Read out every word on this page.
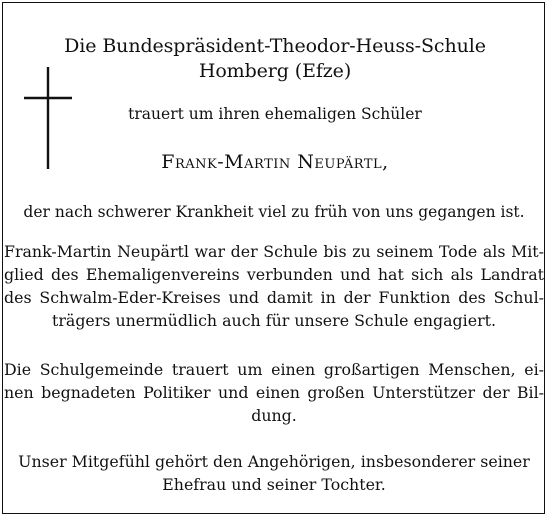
Die Bundespräsident-Theodor-Heuss-Schule

Homberg (Efze)

trauert um ihren ehemaligen Schüler

Frank-Martin Neupärtl,

der nach schwerer Krankheit viel zu früh von uns gegangen ist.

Frank-Martin Neupärtl war der Schule bis zu seinem Tode als Mit-
glied des Ehemaligenvereins verbunden und hat sich als Landrat
des Schwalm-Eder-Kreises und damit in der Funktion des Schul-
trägers unermüdlich auch für unsere Schule engagiert.
Die Schulgemeinde trauert um einen großartigen Menschen, ei-
nen begnadeten Politiker und einen großen Unterstützer der Bil-
dung.
Unser Mitgefühl gehört den Angehörigen, insbesonderer seiner
Ehefrau und seiner Tochter.
